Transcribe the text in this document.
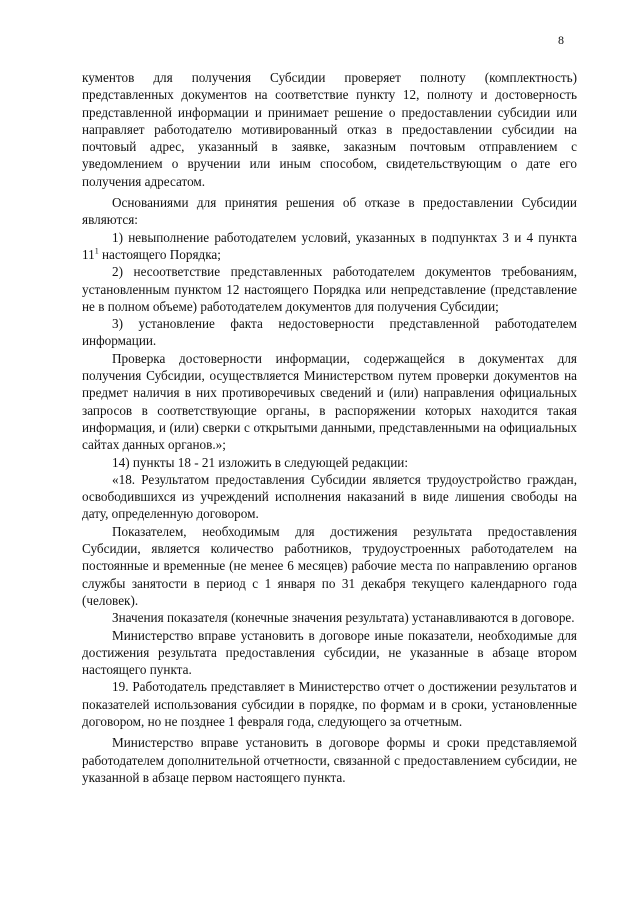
8

кументов для получения Субсидии проверяет полноту (комплектность) представленных документов на соответствие пункту 12, полноту и достоверность представленной информации и принимает решение о предоставлении субсидии или направляет работодателю мотивированный отказ в предоставлении субсидии на почтовый адрес, указанный в заявке, заказным почтовым отправлением с уведомлением о вручении или иным способом, свидетельствующим о дате его получения адресатом.

Основаниями для принятия решения об отказе в предоставлении Субсидии являются:

1) невыполнение работодателем условий, указанных в подпунктах 3 и 4 пункта $11^1$ настоящего Порядка;

2) несоответствие представленных работодателем документов требованиям, установленным пунктом 12 настоящего Порядка или непредставление (представление не в полном объеме) работодателем документов для получения Субсидии;

3) установление факта недостоверности представленной работодателем информации.

Проверка достоверности информации, содержащейся в документах для получения Субсидии, осуществляется Министерством путем проверки документов на предмет наличия в них противоречивых сведений и (или) направления официальных запросов в соответствующие органы, в распоряжении которых находится такая информация, и (или) сверки с открытыми данными, представленными на официальных сайтах данных органов.»;

14) пункты 18 - 21 изложить в следующей редакции:

«18. Результатом предоставления Субсидии является трудоустройство граждан, освободившихся из учреждений исполнения наказаний в виде лишения свободы на дату, определенную договором.

Показателем, необходимым для достижения результата предоставления Субсидии, является количество работников, трудоустроенных работодателем на постоянные и временные (не менее 6 месяцев) рабочие места по направлению органов службы занятости в период с 1 января по 31 декабря текущего календарного года (человек).

Значения показателя (конечные значения результата) устанавливаются в договоре.

Министерство вправе установить в договоре иные показатели, необходимые для достижения результата предоставления субсидии, не указанные в абзаце втором настоящего пункта.

19. Работодатель представляет в Министерство отчет о достижении результатов и показателей использования субсидии в порядке, по формам и в сроки, установленные договором, но не позднее 1 февраля года, следующего за отчетным.

Министерство вправе установить в договоре формы и сроки представляемой работодателем дополнительной отчетности, связанной с предоставлением субсидии, не указанной в абзаце первом настоящего пункта.
